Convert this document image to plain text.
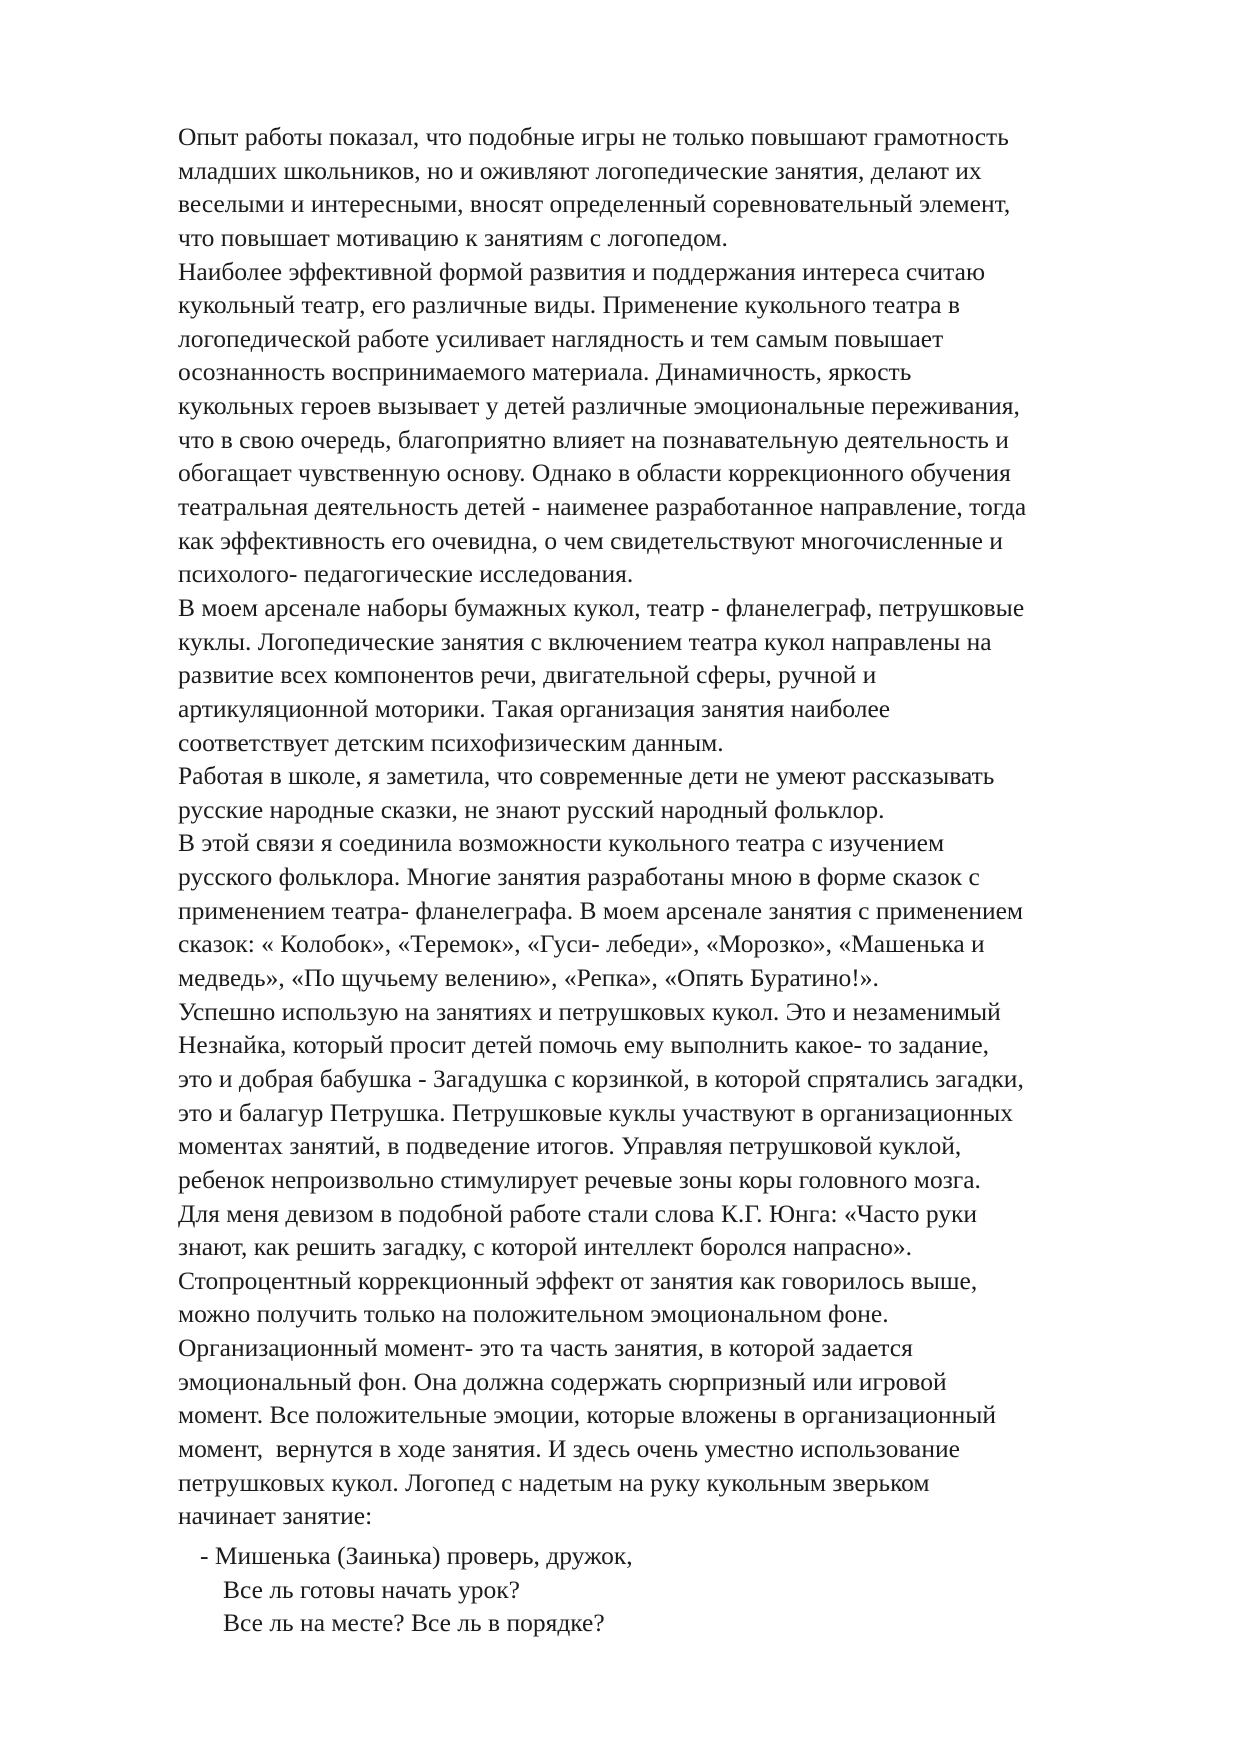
Опыт работы показал, что подобные игры не только повышают грамотность
младших школьников, но и оживляют логопедические занятия, делают их
веселыми и интересными, вносят определенный соревновательный элемент,
что повышает мотивацию к занятиям с логопедом.
Наиболее эффективной формой развития и поддержания интереса считаю
кукольный театр, его различные виды. Применение кукольного театра в
логопедической работе усиливает наглядность и тем самым повышает
осознанность воспринимаемого материала. Динамичность, яркость
кукольных героев вызывает у детей различные эмоциональные переживания,
что в свою очередь, благоприятно влияет на познавательную деятельность и
обогащает чувственную основу. Однако в области коррекционного обучения
театральная деятельность детей - наименее разработанное направление, тогда
как эффективность его очевидна, о чем свидетельствуют многочисленные и
психолого- педагогические исследования.
В моем арсенале наборы бумажных кукол, театр - фланелеграф, петрушковые
куклы. Логопедические занятия с включением театра кукол направлены на
развитие всех компонентов речи, двигательной сферы, ручной и
артикуляционной моторики. Такая организация занятия наиболее
соответствует детским психофизическим данным.
Работая в школе, я заметила, что современные дети не умеют рассказывать
русские народные сказки, не знают русский народный фольклор.
В этой связи я соединила возможности кукольного театра с изучением
русского фольклора. Многие занятия разработаны мною в форме сказок с
применением театра- фланелеграфа. В моем арсенале занятия с применением
сказок: « Колобок», «Теремок», «Гуси- лебеди», «Морозко», «Машенька и
медведь», «По щучьему велению», «Репка», «Опять Буратино!».
Успешно использую на занятиях и петрушковых кукол. Это и незаменимый
Незнайка, который просит детей помочь ему выполнить какое- то задание,
это и добрая бабушка - Загадушка с корзинкой, в которой спрятались загадки,
это и балагур Петрушка. Петрушковые куклы участвуют в организационных
моментах занятий, в подведение итогов. Управляя петрушковой куклой,
ребенок непроизвольно стимулирует речевые зоны коры головного мозга.
Для меня девизом в подобной работе стали слова К.Г. Юнга: «Часто руки
знают, как решить загадку, с которой интеллект боролся напрасно».
Стопроцентный коррекционный эффект от занятия как говорилось выше,
можно получить только на положительном эмоциональном фоне.
Организационный момент- это та часть занятия, в которой задается
эмоциональный фон. Она должна содержать сюрпризный или игровой
момент. Все положительные эмоции, которые вложены в организационный
момент,  вернутся в ходе занятия. И здесь очень уместно использование
петрушковых кукол. Логопед с надетым на руку кукольным зверьком
начинает занятие:
- Мишенька (Заинька) проверь, дружок,
Все ль готовы начать урок?
Все ль на месте? Все ль в порядке?
